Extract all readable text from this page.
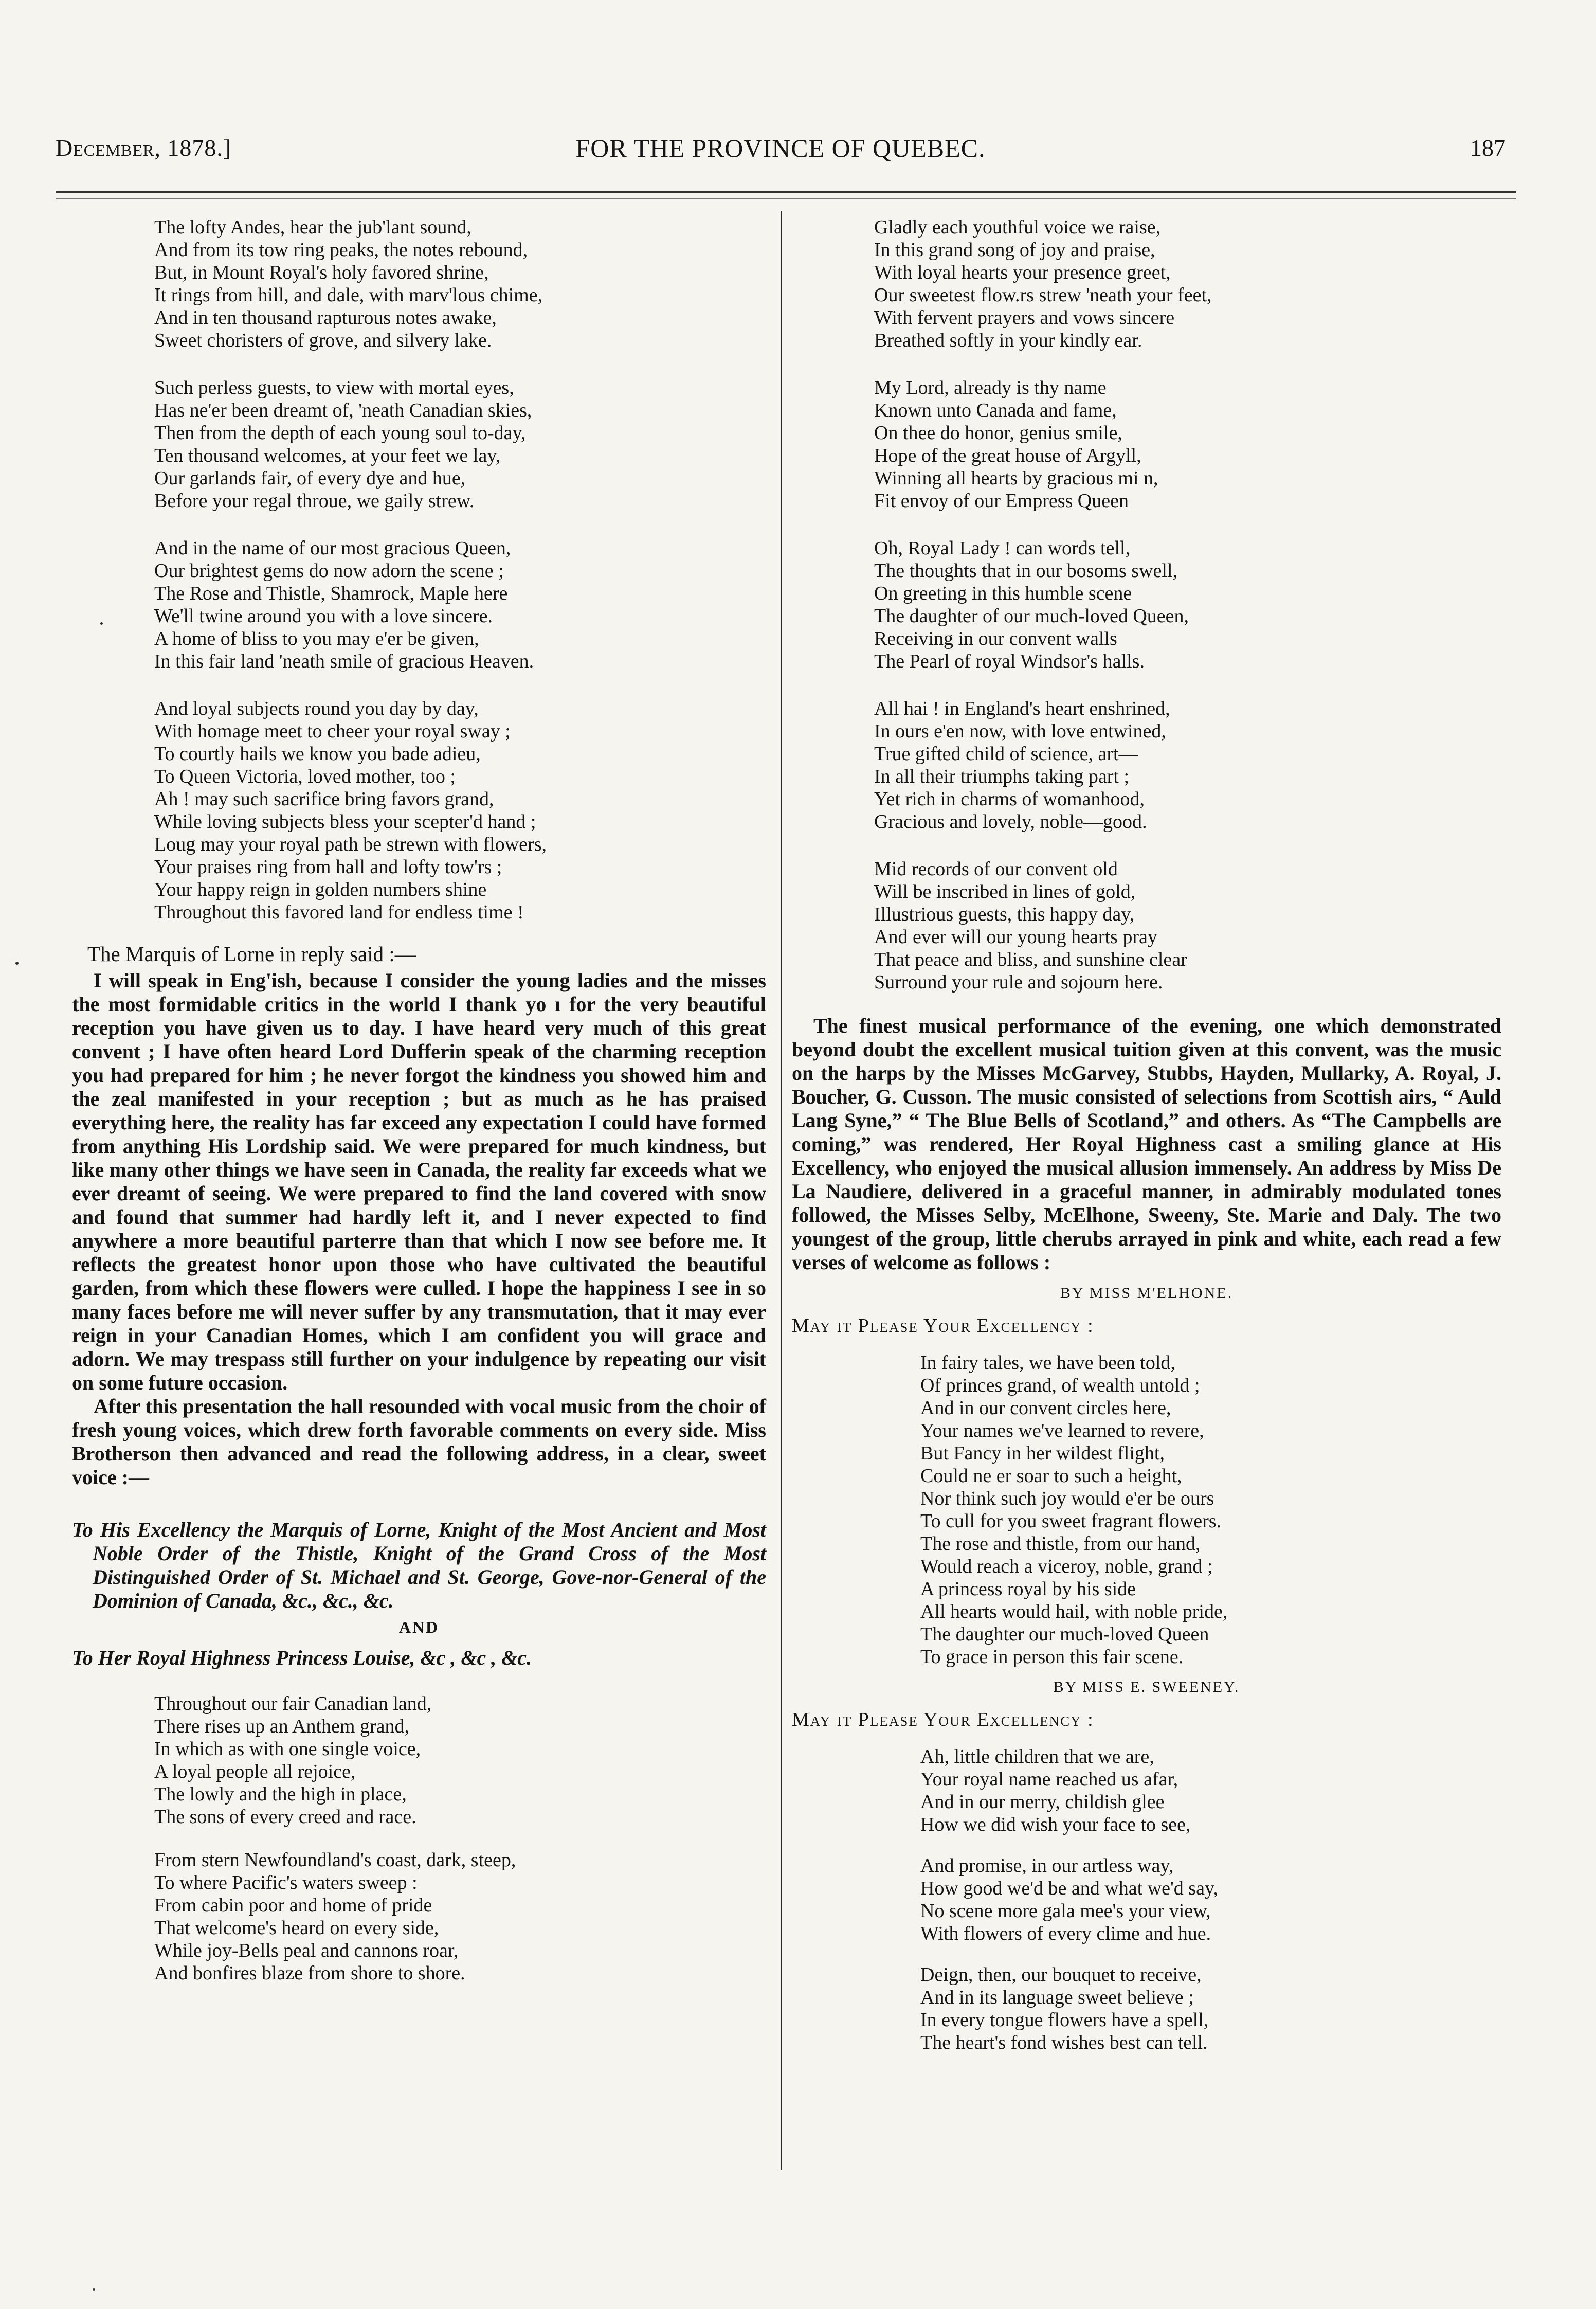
FOR THE PROVINCE OF QUEBEC.
December, 1878.]	187
The lofty Andes, hear the jub'lant sound,
And from its tow ring peaks, the notes rebound,
But, in Mount Royal's holy favored shrine,
It rings from hill, and dale, with marv'lous chime,
And in ten thousand rapturous notes awake,
Sweet choristers of grove, and silvery lake.
Such perless guests, to view with mortal eyes,
Has ne'er been dreamt of, 'neath Canadian skies,
Then from the depth of each young soul to-day,
Ten thousand welcomes, at your feet we lay,
Our garlands fair, of every dye and hue,
Before your regal throue, we gaily strew.
And in the name of our most gracious Queen,
Our brightest gems do now adorn the scene ;
The Rose and Thistle, Shamrock, Maple here
We'll twine around you with a love sincere.
A home of bliss to you may e'er be given,
In this fair land 'neath smile of gracious Heaven.
And loyal subjects round you day by day,
With homage meet to cheer your royal sway ;
To courtly hails we know you bade adieu,
To Queen Victoria, loved mother, too ;
Ah ! may such sacrifice bring favors grand,
While loving subjects bless your scepter'd hand ;
Loug may your royal path be strewn with flowers,
Your praises ring from hall and lofty tow'rs ;
Your happy reign in golden numbers shine
Throughout this favored land for endless time !

The Marquis of Lorne in reply said :—

I will speak in Eng'ish, because I consider the young ladies and the misses the most formidable critics in the world I thank yo ı for the very beautiful reception you have given us to day. I have heard very much of this great convent ; I have often heard Lord Dufferin speak of the charming reception you had prepared for him ; he never forgot the kindness you showed him and the zeal manifested in your reception ; but as much as he has praised everything here, the reality has far exceed any expectation I could have formed from anything His Lordship said. We were prepared for much kindness, but like many other things we have seen in Canada, the reality far exceeds what we ever dreamt of seeing. We were prepared to find the land covered with snow and found that summer had hardly left it, and I never expected to find anywhere a more beautiful parterre than that which I now see before me. It reflects the greatest honor upon those who have cultivated the beautiful garden, from which these flowers were culled. I hope the happiness I see in so many faces before me will never suffer by any transmutation, that it may ever reign in your Canadian Homes, which I am confident you will grace and adorn. We may trespass still further on your indulgence by repeating our visit on some future occasion.

After this presentation the hall resounded with vocal music from the choir of fresh young voices, which drew forth favorable comments on every side. Miss Brotherson then advanced and read the following address, in a clear, sweet voice :—

To His Excellency the Marquis of Lorne, Knight of the Most Ancient and Most Noble Order of the Thistle, Knight of the Grand Cross of the Most Distinguished Order of St. Michael and St. George, Gove-nor-General of the Dominion of Canada, &c., &c., &c.

AND

To Her Royal Highness Princess Louise, &c , &c , &c.

Throughout our fair Canadian land,
There rises up an Anthem grand,
In which as with one single voice,
A loyal people all rejoice,
The lowly and the high in place,
The sons of every creed and race.
From stern Newfoundland's coast, dark, steep,
To where Pacific's waters sweep :
From cabin poor and home of pride
That welcome's heard on every side,
While joy-Bells peal and cannons roar,
And bonfires blaze from shore to shore.
Gladly each youthful voice we raise,
In this grand song of joy and praise,
With loyal hearts your presence greet,
Our sweetest flow.rs strew 'neath your feet,
With fervent prayers and vows sincere
Breathed softly in your kindly ear.
My Lord, already is thy name
Known unto Canada and fame,
On thee do honor, genius smile,
Hope of the great house of Argyll,
Winning all hearts by gracious mi n,
Fit envoy of our Empress Queen
Oh, Royal Lady ! can words tell,
The thoughts that in our bosoms swell,
On greeting in this humble scene
The daughter of our much-loved Queen,
Receiving in our convent walls
The Pearl of royal Windsor's halls.
All hai ! in England's heart enshrined,
In ours e'en now, with love entwined,
True gifted child of science, art—
In all their triumphs taking part ;
Yet rich in charms of womanhood,
Gracious and lovely, noble—good.
Mid records of our convent old
Will be inscribed in lines of gold,
Illustrious guests, this happy day,
And ever will our young hearts pray
That peace and bliss, and sunshine clear
Surround your rule and sojourn here.

The finest musical performance of the evening, one which demonstrated beyond doubt the excellent musical tuition given at this convent, was the music on the harps by the Misses McGarvey, Stubbs, Hayden, Mullarky, A. Royal, J. Boucher, G. Cusson. The music consisted of selections from Scottish airs, “ Auld Lang Syne,” “ The Blue Bells of Scotland,” and others. As “The Campbells are coming,” was rendered, Her Royal Highness cast a smiling glance at His Excellency, who enjoyed the musical allusion immensely. An address by Miss De La Naudiere, delivered in a graceful manner, in admirably modulated tones followed, the Misses Selby, McElhone, Sweeny, Ste. Marie and Daly. The two youngest of the group, little cherubs arrayed in pink and white, each read a few verses of welcome as follows :

BY MISS M'ELHONE.
May it Please Your Excellency :
In fairy tales, we have been told,
Of princes grand, of wealth untold ;
And in our convent circles here,
Your names we've learned to revere,
But Fancy in her wildest flight,
Could ne er soar to such a height,
Nor think such joy would e'er be ours
To cull for you sweet fragrant flowers.
The rose and thistle, from our hand,
Would reach a viceroy, noble, grand ;
A princess royal by his side
All hearts would hail, with noble pride,
The daughter our much-loved Queen
To grace in person this fair scene.
BY MISS E. SWEENEY.
May it Please Your Excellency :
Ah, little children that we are,
Your royal name reached us afar,
And in our merry, childish glee
How we did wish your face to see,
And promise, in our artless way,
How good we'd be and what we'd say,
No scene more gala mee's your view,
With flowers of every clime and hue.
Deign, then, our bouquet to receive,
And in its language sweet believe ;
In every tongue flowers have a spell,
The heart's fond wishes best can tell.
